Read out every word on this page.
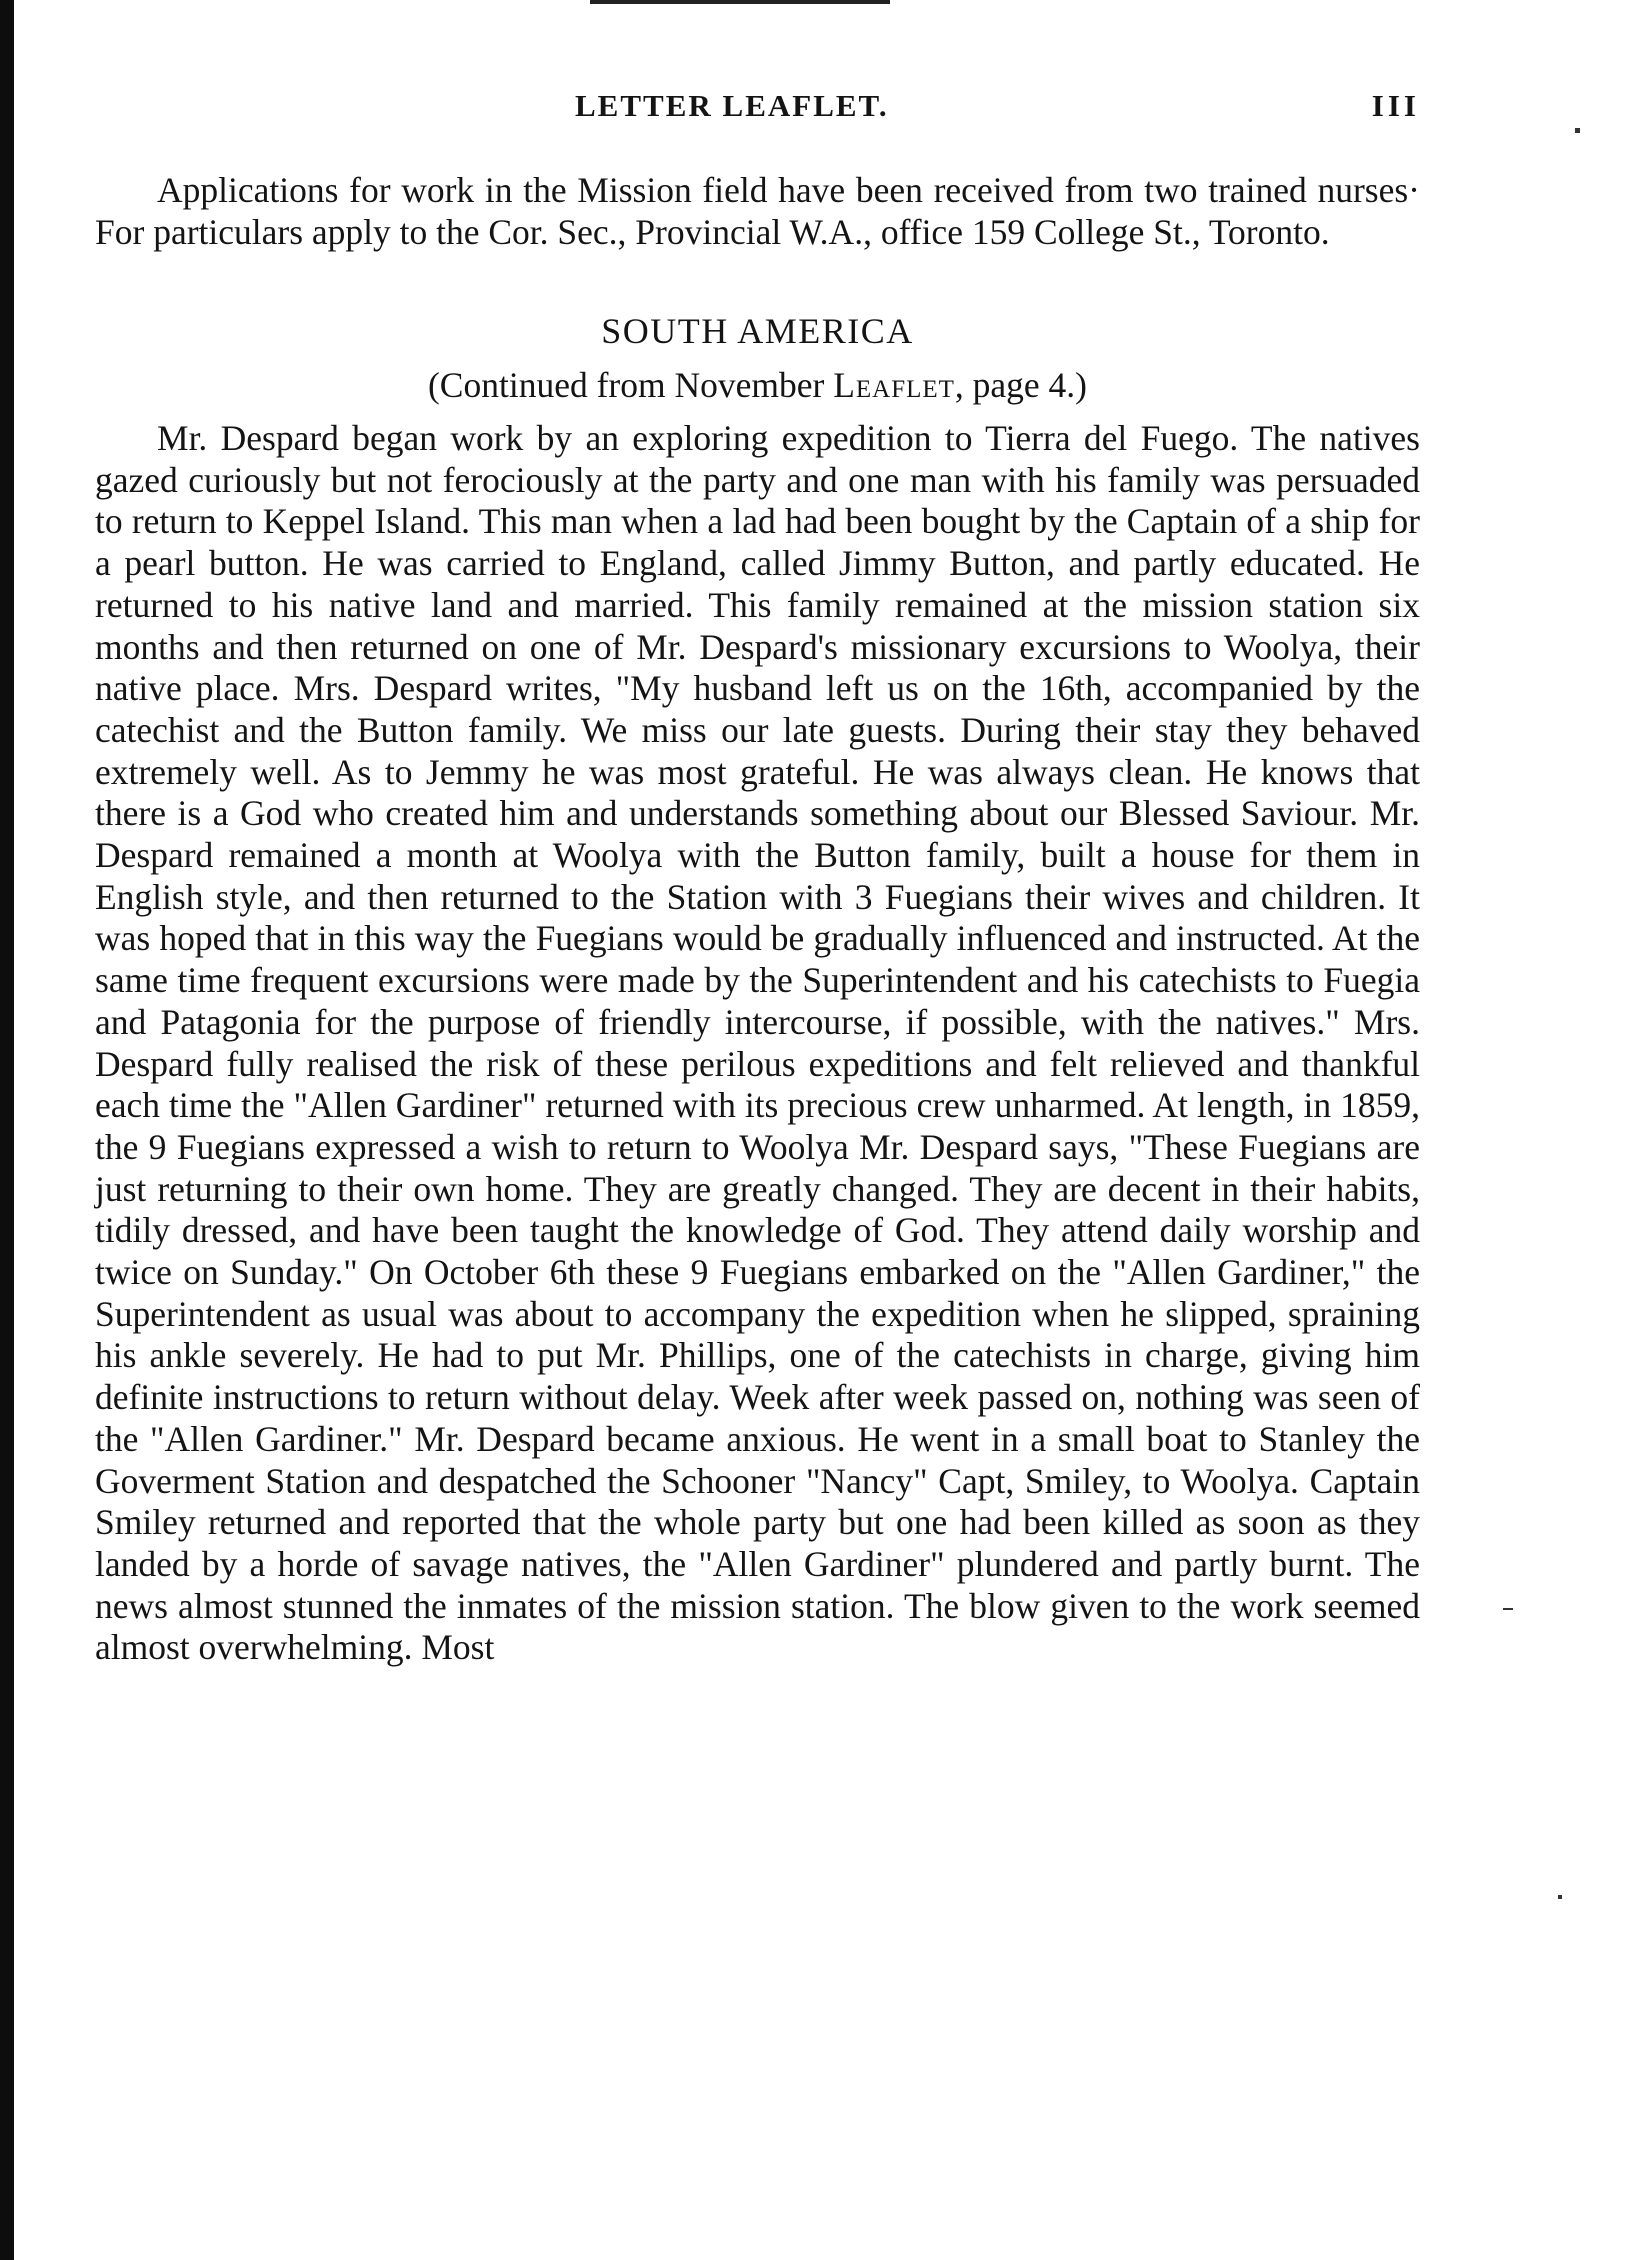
LETTER LEAFLET.	III

Applications for work in the Mission field have been received from two trained nurses· For particulars apply to the Cor. Sec., Provincial W.A., office 159 College St., Toronto.

SOUTH AMERICA

(Continued from November Leaflet, page 4.)

Mr. Despard began work by an exploring expedition to Tierra del Fuego. The natives gazed curiously but not ferociously at the party and one man with his family was persuaded to return to Keppel Island. This man when a lad had been bought by the Captain of a ship for a pearl button. He was carried to England, called Jimmy Button, and partly educated. He returned to his native land and married. This family remained at the mission station six months and then returned on one of Mr. Despard's missionary excursions to Woolya, their native place. Mrs. Despard writes, "My husband left us on the 16th, accompanied by the catechist and the Button family. We miss our late guests. During their stay they behaved extremely well. As to Jemmy he was most grateful. He was always clean. He knows that there is a God who created him and understands something about our Blessed Saviour. Mr. Despard remained a month at Woolya with the Button family, built a house for them in English style, and then returned to the Station with 3 Fuegians their wives and children. It was hoped that in this way the Fuegians would be gradually influenced and instructed. At the same time frequent excursions were made by the Superintendent and his catechists to Fuegia and Patagonia for the purpose of friendly intercourse, if possible, with the natives." Mrs. Despard fully realised the risk of these perilous expeditions and felt relieved and thankful each time the "Allen Gardiner" returned with its precious crew unharmed. At length, in 1859, the 9 Fuegians expressed a wish to return to Woolya Mr. Despard says, "These Fuegians are just returning to their own home. They are greatly changed. They are decent in their habits, tidily dressed, and have been taught the knowledge of God. They attend daily worship and twice on Sunday." On October 6th these 9 Fuegians embarked on the "Allen Gardiner," the Superintendent as usual was about to accompany the expedition when he slipped, spraining his ankle severely. He had to put Mr. Phillips, one of the catechists in charge, giving him definite instructions to return without delay. Week after week passed on, nothing was seen of the "Allen Gardiner." Mr. Despard became anxious. He went in a small boat to Stanley the Goverment Station and despatched the Schooner "Nancy" Capt, Smiley, to Woolya. Captain Smiley returned and reported that the whole party but one had been killed as soon as they landed by a horde of savage natives, the "Allen Gardiner" plundered and partly burnt. The news almost stunned the inmates of the mission station. The blow given to the work seemed almost overwhelming. Most
